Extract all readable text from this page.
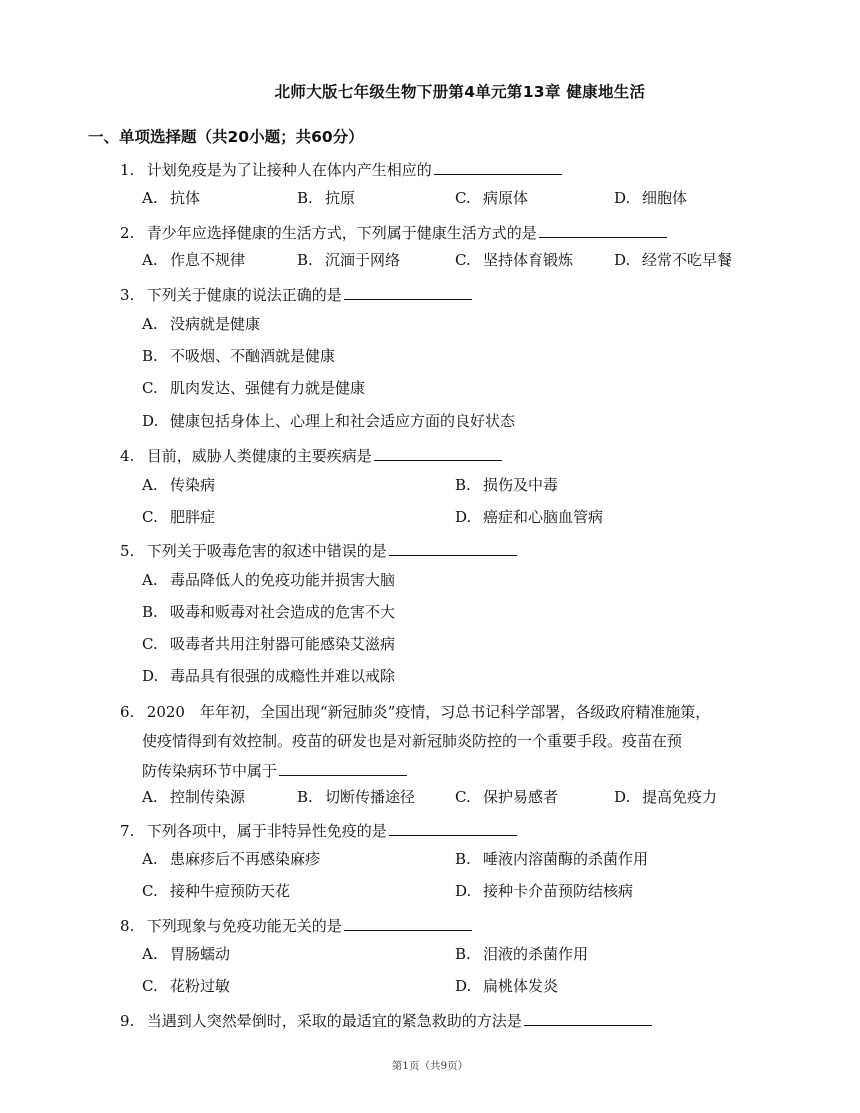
北师大版七年级生物下册第4单元第13章 健康地生活
一、单项选择题（共20小题；共60分）
1. 计划免疫是为了让接种人在体内产生相应的
A. 抗体	B. 抗原	C. 病原体	D. 细胞体
2. 青少年应选择健康的生活方式，下列属于健康生活方式的是
A. 作息不规律	B. 沉湎于网络	C. 坚持体育锻炼	D. 经常不吃早餐
3. 下列关于健康的说法正确的是
A. 没病就是健康
B. 不吸烟、不酗酒就是健康
C. 肌肉发达、强健有力就是健康
D. 健康包括身体上、心理上和社会适应方面的良好状态
4. 目前，威胁人类健康的主要疾病是
A. 传染病	B. 损伤及中毒
C. 肥胖症	D. 癌症和心脑血管病
5. 下列关于吸毒危害的叙述中错误的是
A. 毒品降低人的免疫功能并损害大脑
B. 吸毒和贩毒对社会造成的危害不大
C. 吸毒者共用注射器可能感染艾滋病
D. 毒品具有很强的成瘾性并难以戒除
6. 2020　年年初，全国出现“新冠肺炎”疫情，习总书记科学部署，各级政府精准施策，
使疫情得到有效控制。疫苗的研发也是对新冠肺炎防控的一个重要手段。疫苗在预
防传染病环节中属于
A. 控制传染源	B. 切断传播途径	C. 保护易感者	D. 提高免疫力
7. 下列各项中，属于非特异性免疫的是
A. 患麻疹后不再感染麻疹	B. 唾液内溶菌酶的杀菌作用
C. 接种牛痘预防天花	D. 接种卡介苗预防结核病
8. 下列现象与免疫功能无关的是
A. 胃肠蠕动	B. 泪液的杀菌作用
C. 花粉过敏	D. 扁桃体发炎
9. 当遇到人突然晕倒时，采取的最适宜的紧急救助的方法是
第1页（共9页）
